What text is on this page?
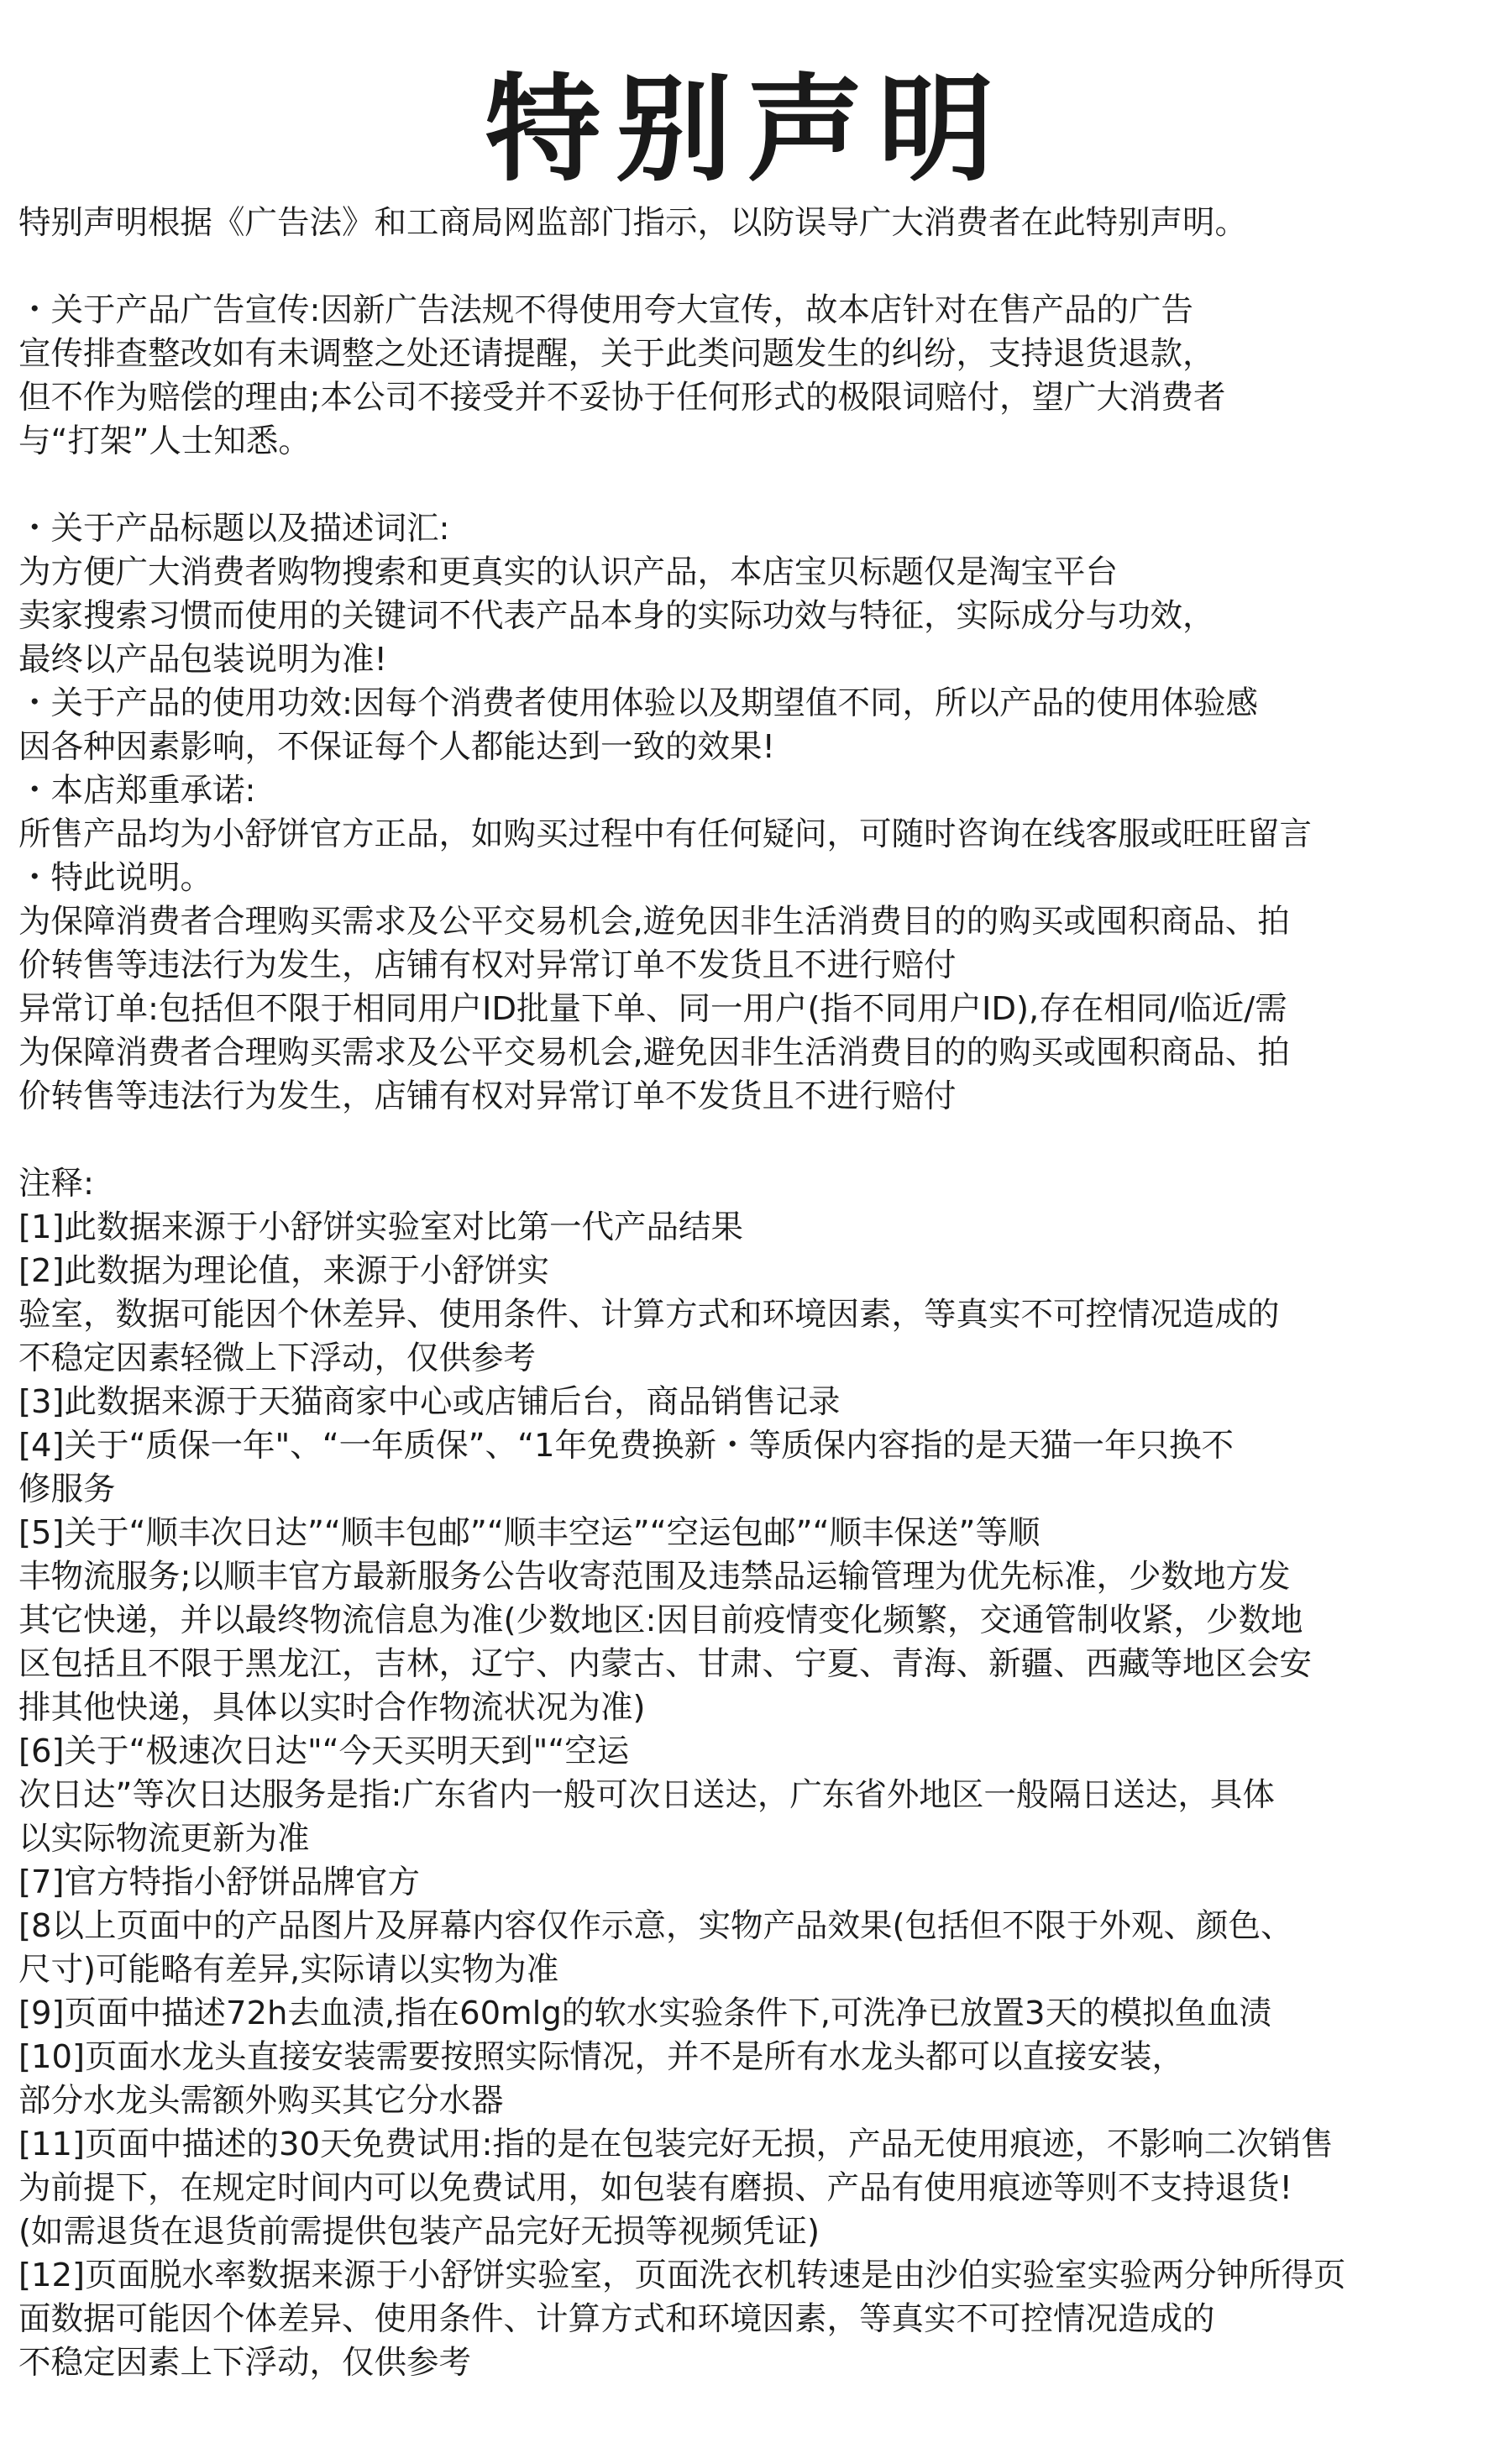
特别声明
特别声明根据《广告法》和工商局网监部门指示，以防误导广大消费者在此特别声明。
・关于产品广告宣传:因新广告法规不得使用夸大宣传，故本店针对在售产品的广告
宣传排查整改如有未调整之处还请提醒，关于此类问题发生的纠纷，支持退货退款，
但不作为赔偿的理由;本公司不接受并不妥协于任何形式的极限词赔付，望广大消费者
与“打架”人士知悉。
・关于产品标题以及描述词汇:
为方便广大消费者购物搜索和更真实的认识产品，本店宝贝标题仅是淘宝平台
卖家搜索习惯而使用的关键词不代表产品本身的实际功效与特征，实际成分与功效，
最终以产品包装说明为准!
・关于产品的使用功效:因每个消费者使用体验以及期望值不同，所以产品的使用体验感
因各种因素影响，不保证每个人都能达到一致的效果!
・本店郑重承诺:
所售产品均为小舒饼官方正品，如购买过程中有任何疑问，可随时咨询在线客服或旺旺留言
・特此说明。
为保障消费者合理购买需求及公平交易机会,遊免因非生活消费目的的购买或囤积商品、拍
价转售等违法行为发生，店铺有权对异常订单不发货且不进行赔付
异常订单:包括但不限于相同用户ID批量下单、同一用户(指不同用户ID),存在相同/临近/需
为保障消费者合理购买需求及公平交易机会,避免因非生活消费目的的购买或囤积商品、拍
价转售等违法行为发生，店铺有权对异常订单不发货且不进行赔付
注释:
[1]此数据来源于小舒饼实验室对比第一代产品结果
[2]此数据为理论值，来源于小舒饼实
验室，数据可能因个休差异、使用条件、计算方式和环境因素，等真实不可控情况造成的
不稳定因素轻微上下浮动，仅供参考
[3]此数据来源于天猫商家中心或店铺后台，商品销售记录
[4]关于“质保一年"、“一年质保”、“1年免费换新・等质保内容指的是天猫一年只换不
修服务
[5]关于“顺丰次日达”“顺丰包邮”“顺丰空运”“空运包邮”“顺丰保送”等顺
丰物流服务;以顺丰官方最新服务公告收寄范围及违禁品运输管理为优先标准，少数地方发
其它快递，并以最终物流信息为准(少数地区:因目前疫情变化频繁，交通管制收紧，少数地
区包括且不限于黑龙江，吉林，辽宁、内蒙古、甘肃、宁夏、青海、新疆、西藏等地区会安
排其他快递，具体以实时合作物流状况为准)
[6]关于“极速次日达"“今天买明天到"“空运
次日达”等次日达服务是指:广东省内一般可次日送达，广东省外地区一般隔日送达，具体
以实际物流更新为准
[7]官方特指小舒饼品牌官方
[8以上页面中的产品图片及屏幕内容仅作示意，实物产品效果(包括但不限于外观、颜色、
尺寸)可能略有差异,实际请以实物为准
[9]页面中描述72h去血渍,指在60mlg的软水实验条件下,可洗净已放置3天的模拟鱼血渍
[10]页面水龙头直接安装需要按照实际情况，并不是所有水龙头都可以直接安装，
部分水龙头需额外购买其它分水器
[11]页面中描述的30天免费试用:指的是在包装完好无损，产品无使用痕迹，不影响二次销售
为前提下，在规定时间内可以免费试用，如包装有磨损、产品有使用痕迹等则不支持退货!
(如需退货在退货前需提供包装产品完好无损等视频凭证)
[12]页面脱水率数据来源于小舒饼实验室，页面洗衣机转速是由沙伯实验室实验两分钟所得页
面数据可能因个体差异、使用条件、计算方式和环境因素，等真实不可控情况造成的
不稳定因素上下浮动，仅供参考
